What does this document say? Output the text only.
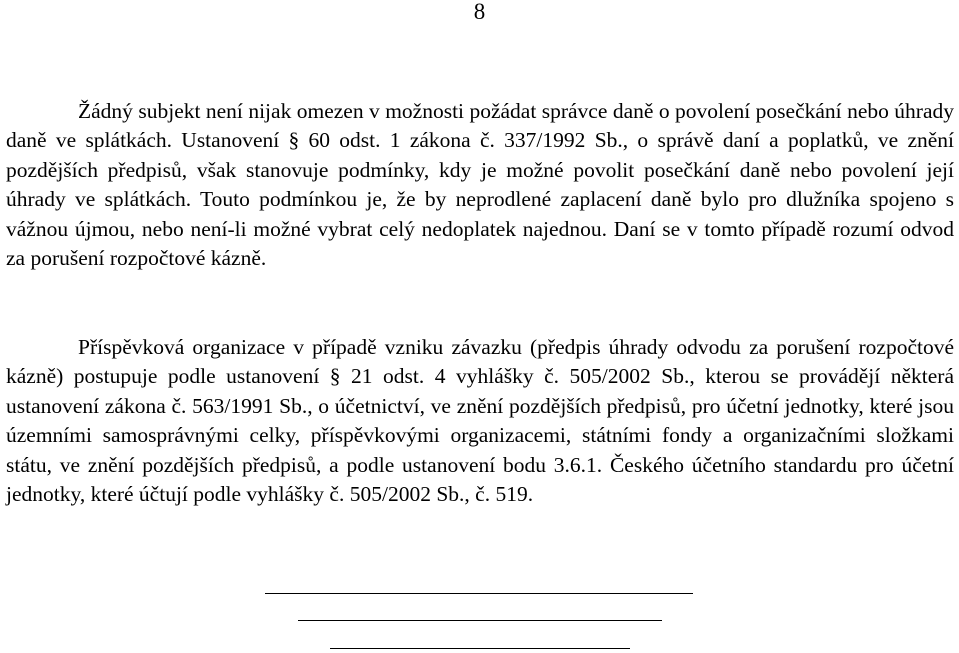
8

Žádný subjekt není nijak omezen v možnosti požádat správce daně o povolení posečkání nebo úhrady daně ve splátkách. Ustanovení § 60 odst. 1 zákona č. 337/1992 Sb., o správě daní a poplatků, ve znění pozdějších předpisů, však stanovuje podmínky, kdy je možné povolit posečkání daně nebo povolení její úhrady ve splátkách. Touto podmínkou je, že by neprodlené zaplacení daně bylo pro dlužníka spojeno s vážnou újmou, nebo není-li možné vybrat celý nedoplatek najednou. Daní se v tomto případě rozumí odvod za porušení rozpočtové kázně.

Příspěvková organizace v případě vzniku závazku (předpis úhrady odvodu za porušení rozpočtové kázně) postupuje podle ustanovení § 21 odst. 4 vyhlášky č. 505/2002 Sb., kterou se provádějí některá ustanovení zákona č. 563/1991 Sb., o účetnictví, ve znění pozdějších předpisů, pro účetní jednotky, které jsou územními samosprávnými celky, příspěvkovými organizacemi, státními fondy a organizačními složkami státu, ve znění pozdějších předpisů, a podle ustanovení bodu 3.6.1. Českého účetního standardu pro účetní jednotky, které účtují podle vyhlášky č. 505/2002 Sb., č. 519.
